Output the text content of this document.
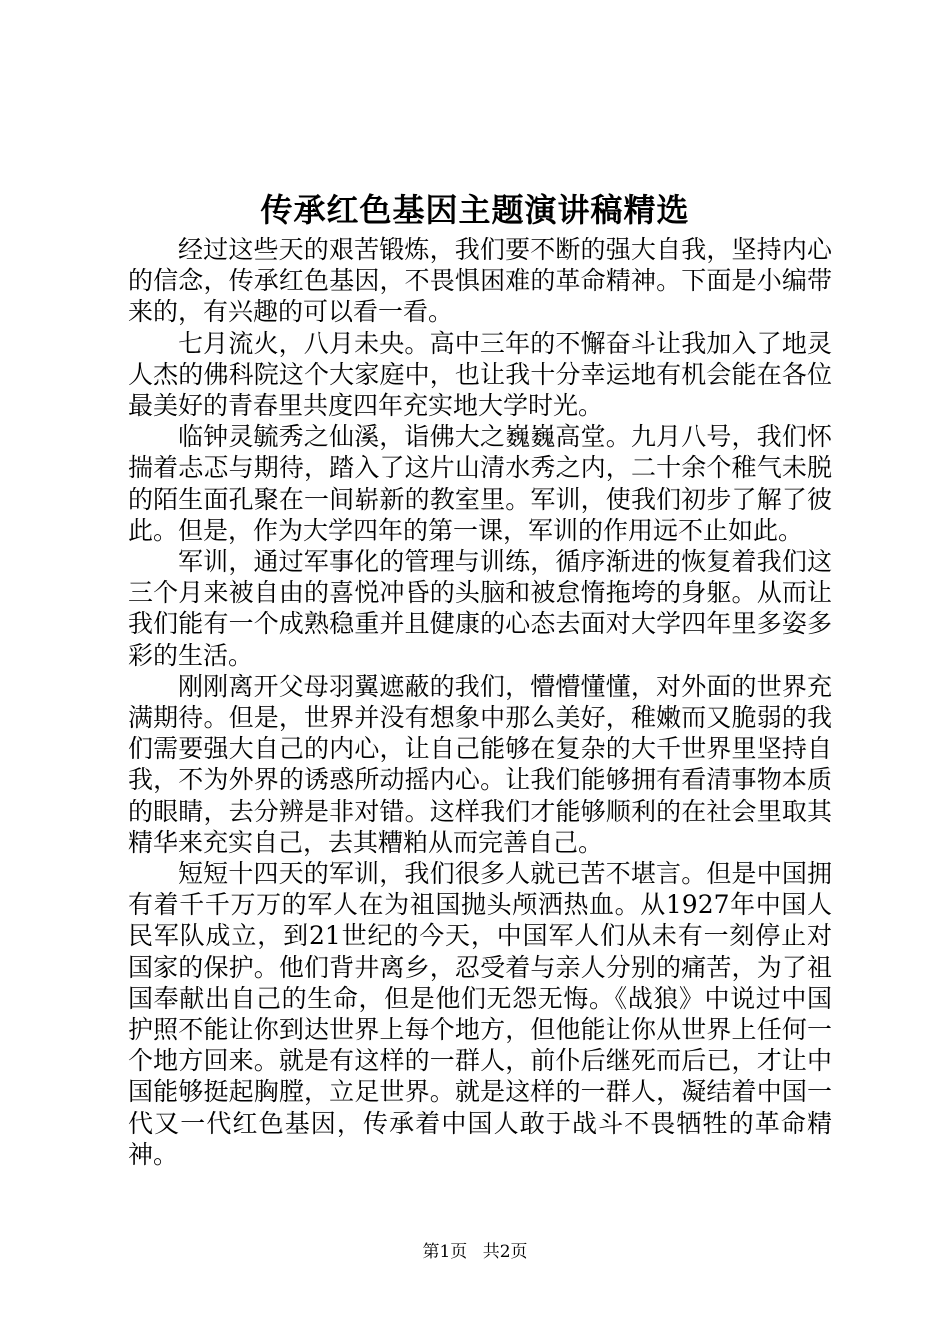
传承红色基因主题演讲稿精选

经过这些天的艰苦锻炼，我们要不断的强大自我，坚持内心的信念，传承红色基因，不畏惧困难的革命精神。下面是小编带来的，有兴趣的可以看一看。

七月流火，八月未央。高中三年的不懈奋斗让我加入了地灵人杰的佛科院这个大家庭中，也让我十分幸运地有机会能在各位最美好的青春里共度四年充实地大学时光。

临钟灵毓秀之仙溪，诣佛大之巍巍高堂。九月八号，我们怀揣着忐忑与期待，踏入了这片山清水秀之内，二十余个稚气未脱的陌生面孔聚在一间崭新的教室里。军训，使我们初步了解了彼此。但是，作为大学四年的第一课，军训的作用远不止如此。

军训，通过军事化的管理与训练，循序渐进的恢复着我们这三个月来被自由的喜悦冲昏的头脑和被怠惰拖垮的身躯。从而让我们能有一个成熟稳重并且健康的心态去面对大学四年里多姿多彩的生活。

刚刚离开父母羽翼遮蔽的我们，懵懵懂懂，对外面的世界充满期待。但是，世界并没有想象中那么美好，稚嫩而又脆弱的我们需要强大自己的内心，让自己能够在复杂的大千世界里坚持自我，不为外界的诱惑所动摇内心。让我们能够拥有看清事物本质的眼睛，去分辨是非对错。这样我们才能够顺利的在社会里取其精华来充实自己，去其糟粕从而完善自己。

短短十四天的军训，我们很多人就已苦不堪言。但是中国拥有着千千万万的军人在为祖国抛头颅洒热血。从1927年中国人民军队成立，到21世纪的今天，中国军人们从未有一刻停止对国家的保护。他们背井离乡，忍受着与亲人分别的痛苦，为了祖国奉献出自己的生命，但是他们无怨无悔。《战狼》中说过中国护照不能让你到达世界上每个地方，但他能让你从世界上任何一个地方回来。就是有这样的一群人，前仆后继死而后已，才让中国能够挺起胸膛，立足世界。就是这样的一群人，凝结着中国一代又一代红色基因，传承着中国人敢于战斗不畏牺牲的革命精神。

第1页 共2页
